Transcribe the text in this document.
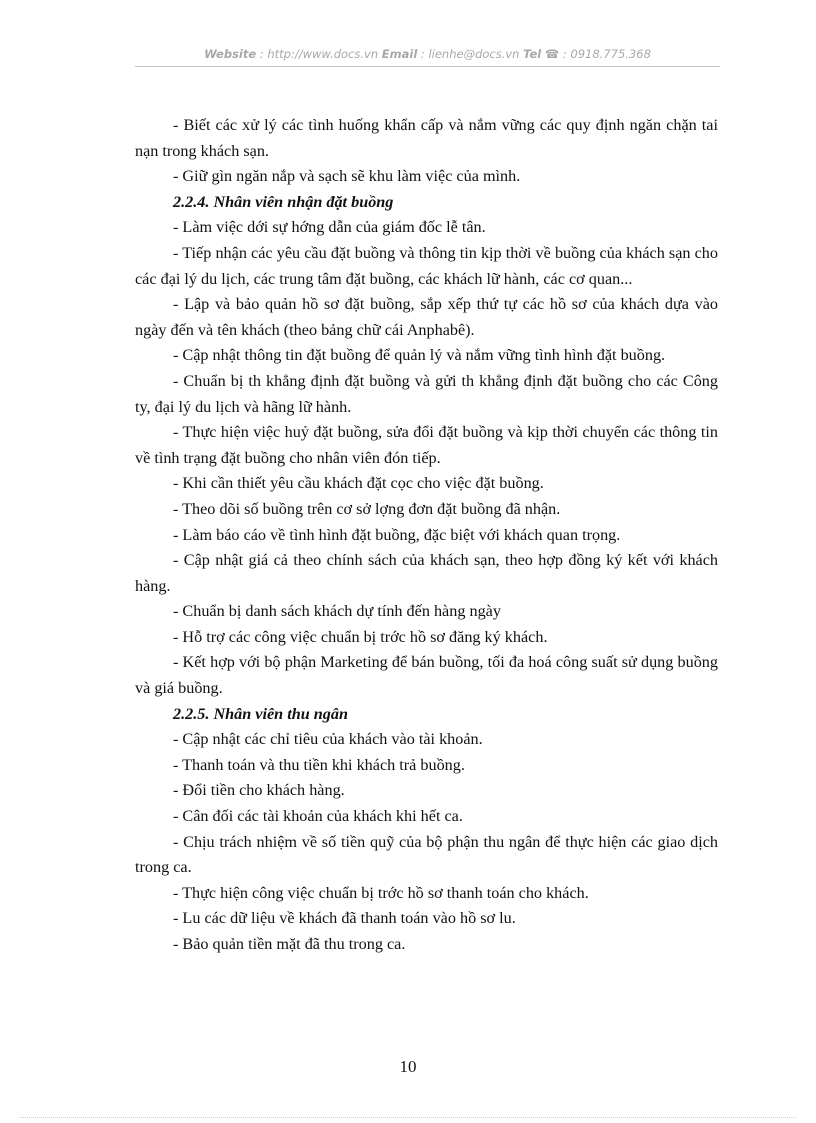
Website : http://www.docs.vn Email : lienhe@docs.vn Tel ☎ : 0918.775.368

- Biết các xử lý các tình huống khẩn cấp và nắm vững các quy định ngăn chặn tai nạn trong khách sạn.

- Giữ gìn ngăn nắp và sạch sẽ khu làm việc của mình.

2.2.4. Nhân viên nhận đặt buồng

- Làm việc dới sự hớng dẫn của giám đốc lễ tân.

- Tiếp nhận các yêu cầu đặt buồng và thông tin kịp thời về buồng của khách sạn cho các đại lý du lịch, các trung tâm đặt buồng, các khách lữ hành, các cơ quan...

- Lập và bảo quản hồ sơ đặt buồng, sắp xếp thứ tự các hồ sơ của khách dựa vào ngày đến và tên khách (theo bảng chữ cái Anphabê).

- Cập nhật thông tin đặt buồng để quản lý và nắm vững tình hình đặt buồng.

- Chuẩn bị th khẳng định đặt buồng và gửi th khẳng định đặt buồng cho các Công ty, đại lý du lịch và hãng lữ hành.

- Thực hiện việc huỷ đặt buồng, sửa đổi đặt buồng và kịp thời chuyển các thông tin về tình trạng đặt buồng cho nhân viên đón tiếp.

- Khi cần thiết yêu cầu khách đặt cọc cho việc đặt buồng.

- Theo dõi số buồng trên cơ sở lợng đơn đặt buồng đã nhận.

- Làm báo cáo về tình hình đặt buồng, đặc biệt với khách quan trọng.

- Cập nhật giá cả theo chính sách của khách sạn, theo hợp đồng ký kết với khách hàng.

- Chuẩn bị danh sách khách dự tính đến hàng ngày

- Hỗ trợ các công việc chuẩn bị trớc hồ sơ đăng ký khách.

- Kết hợp với bộ phận Marketing để bán buồng, tối đa hoá công suất sử dụng buồng và giá buồng.

2.2.5. Nhân viên thu ngân

- Cập nhật các chỉ tiêu của khách vào tài khoản.

- Thanh toán và thu tiền khi khách trả buồng.

- Đổi tiền cho khách hàng.

- Cân đối các tài khoản của khách khi hết ca.

- Chịu trách nhiệm về số tiền quỹ của bộ phận thu ngân để thực hiện các giao dịch trong ca.

- Thực hiện công việc chuẩn bị trớc hồ sơ thanh toán cho khách.

- Lu các dữ liệu về khách đã thanh toán vào hồ sơ lu.

- Bảo quản tiền mặt đã thu trong ca.

10
